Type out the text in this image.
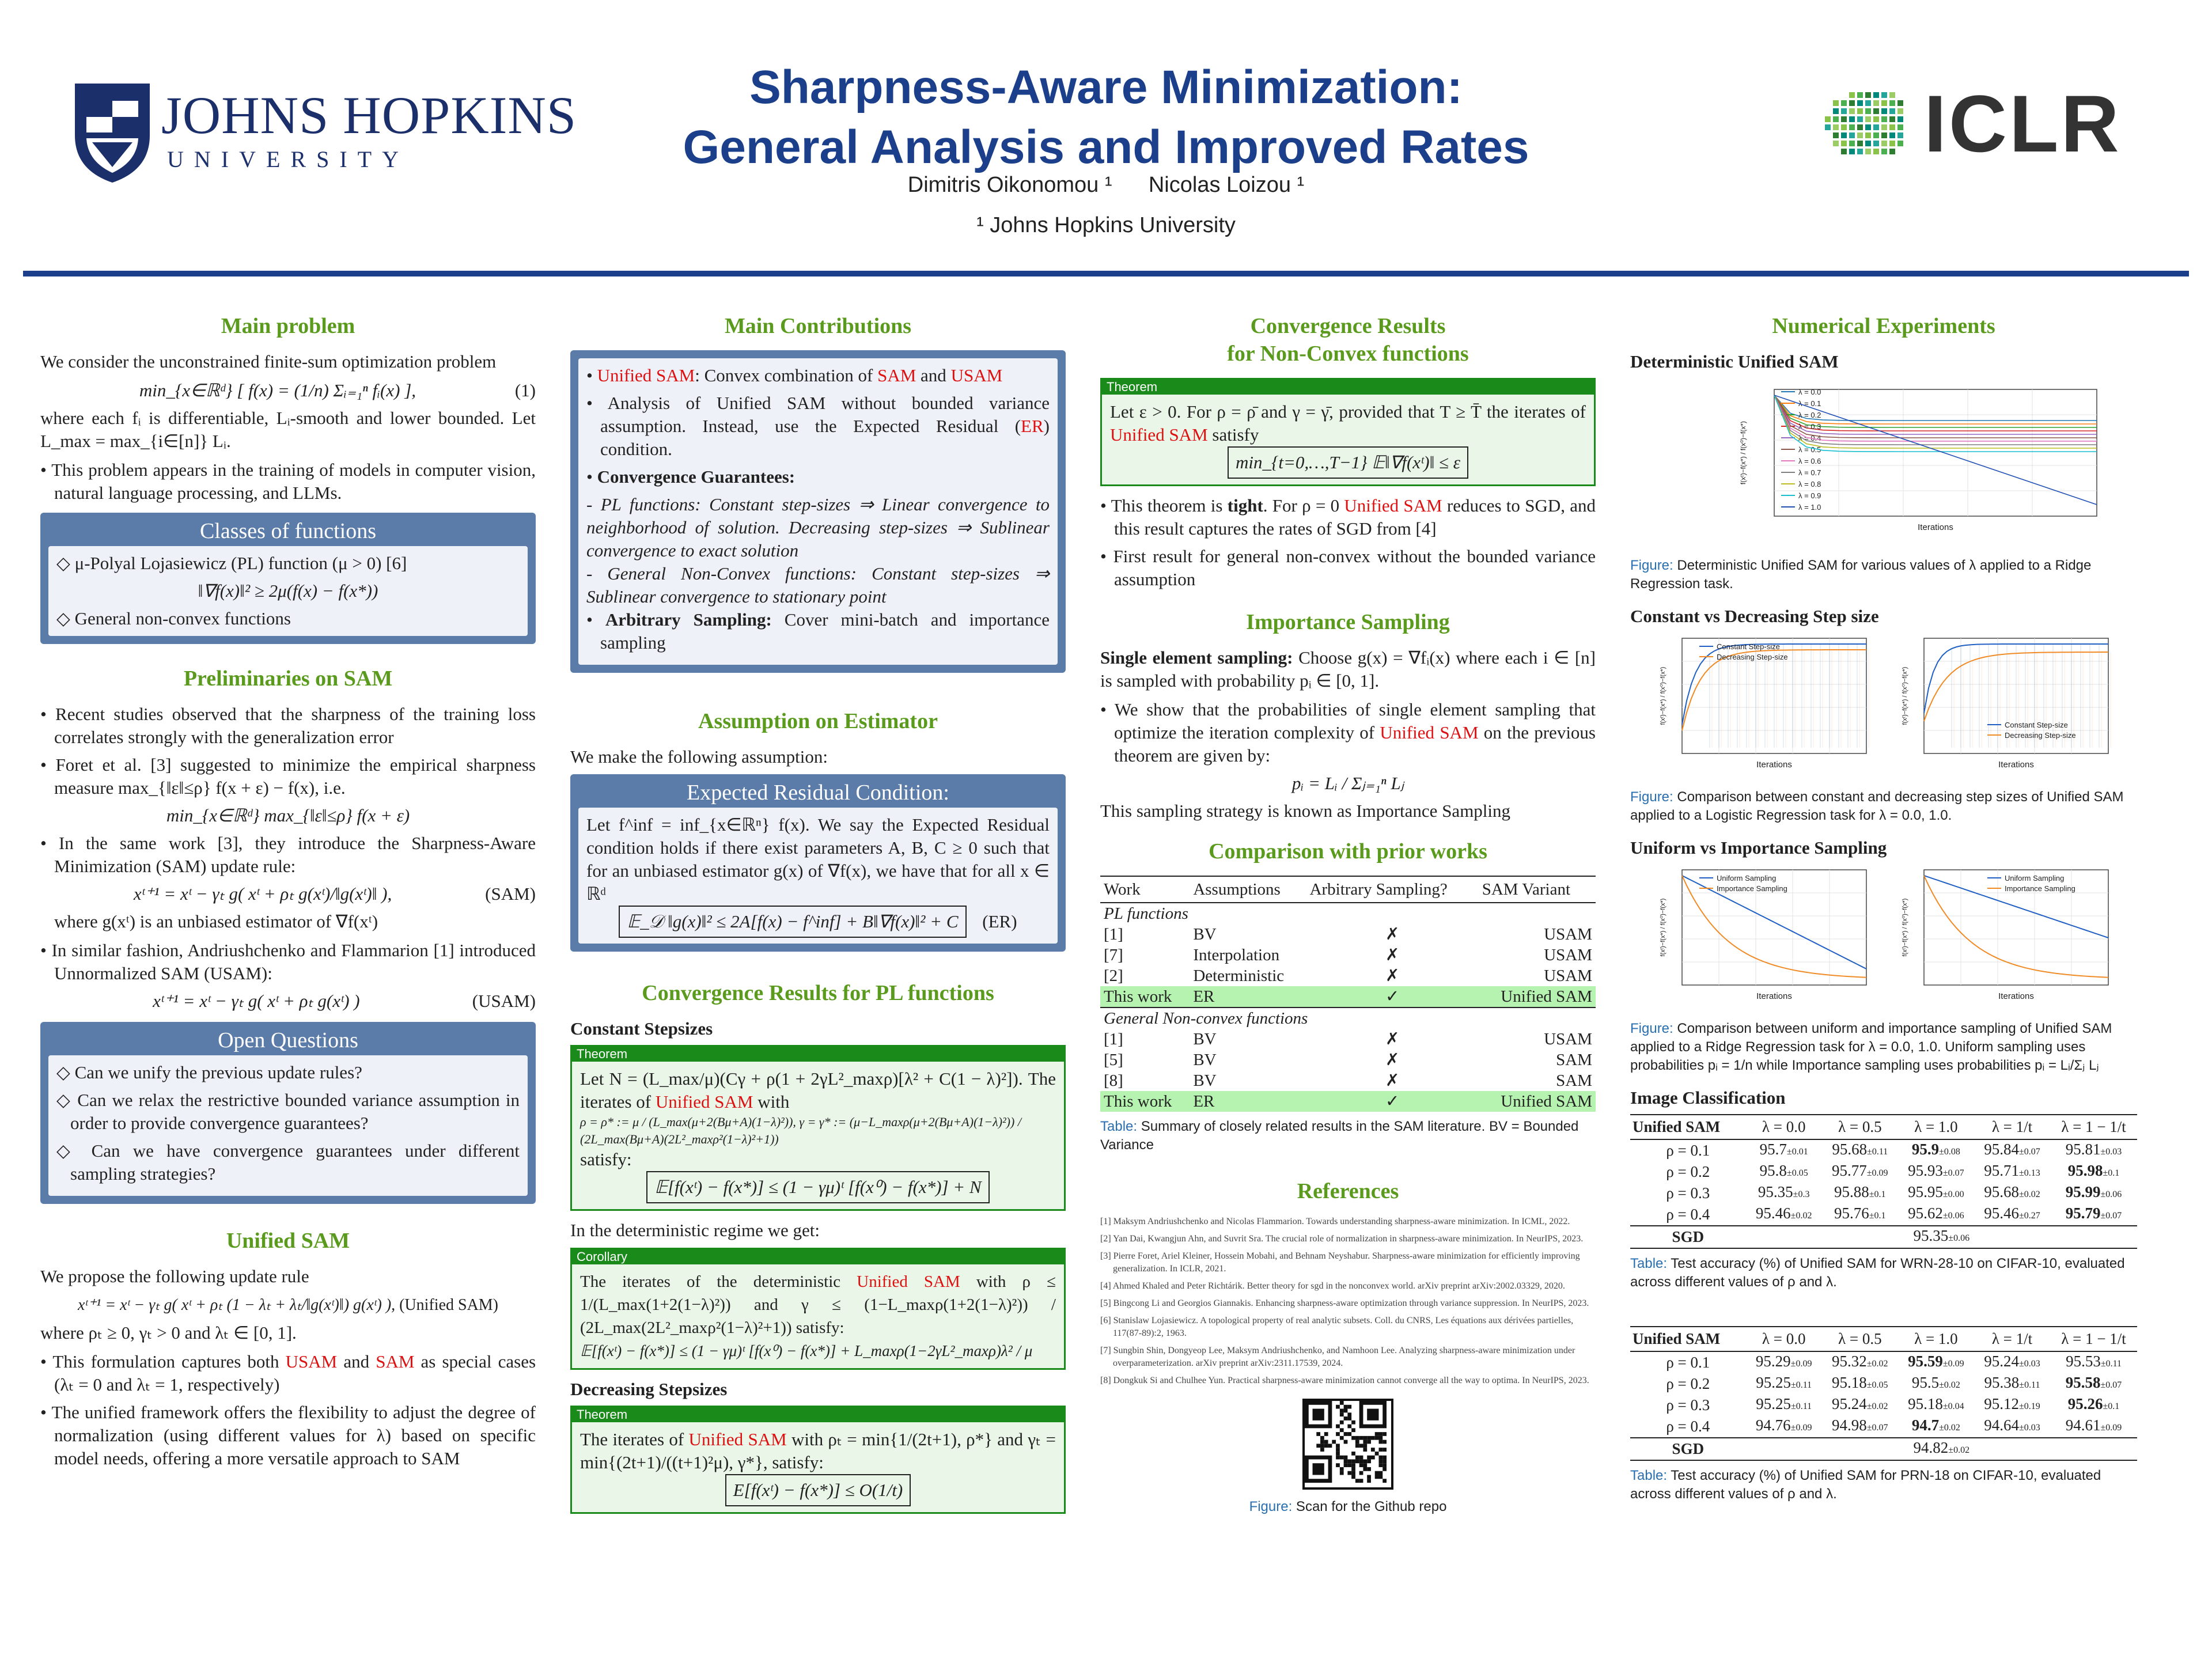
JOHNS HOPKINS
UNIVERSITY
Sharpness-Aware Minimization:
General Analysis and Improved Rates
Dimitris Oikonomou ¹      Nicolas Loizou ¹
¹ Johns Hopkins University
ICLR
Main problem

We consider the unconstrained finite-sum optimization problem

min_{x∈ℝᵈ} [ f(x) = (1/n) Σᵢ₌₁ⁿ fᵢ(x) ],	(1)

where each fᵢ is differentiable, Lᵢ-smooth and lower bounded. Let L_max = max_{i∈[n]} Lᵢ.

• This problem appears in the training of models in computer vision, natural language processing, and LLMs.

Classes of functions
◇ μ-Polyal Lojasiewicz (PL) function (μ > 0) [6]
‖∇f(x)‖² ≥ 2μ(f(x) − f(x*))
◇ General non-convex functions
Preliminaries on SAM

• Recent studies observed that the sharpness of the training loss correlates strongly with the generalization error

• Foret et al. [3] suggested to minimize the empirical sharpness measure max_{‖ε‖≤ρ} f(x + ε) − f(x), i.e.

min_{x∈ℝᵈ} max_{‖ε‖≤ρ} f(x + ε)

• In the same work [3], they introduce the Sharpness-Aware Minimization (SAM) update rule:

xᵗ⁺¹ = xᵗ − γₜ g( xᵗ + ρₜ g(xᵗ)/‖g(xᵗ)‖ ),	(SAM)

where g(xᵗ) is an unbiased estimator of ∇f(xᵗ)

• In similar fashion, Andriushchenko and Flammarion [1] introduced Unnormalized SAM (USAM):

xᵗ⁺¹ = xᵗ − γₜ g( xᵗ + ρₜ g(xᵗ) )	(USAM)
Open Questions
◇ Can we unify the previous update rules?
◇ Can we relax the restrictive bounded variance assumption in order to provide convergence guarantees?
◇ Can we have convergence guarantees under different sampling strategies?
Unified SAM

We propose the following update rule

xᵗ⁺¹ = xᵗ − γₜ g( xᵗ + ρₜ (1 − λₜ + λₜ/‖g(xᵗ)‖) g(xᵗ) ), (Unified SAM)

where ρₜ ≥ 0, γₜ > 0 and λₜ ∈ [0, 1].

• This formulation captures both USAM and SAM as special cases (λₜ = 0 and λₜ = 1, respectively)

• The unified framework offers the flexibility to adjust the degree of normalization (using different values for λ) based on specific model needs, offering a more versatile approach to SAM

Main Contributions
• Unified SAM: Convex combination of SAM and USAM
• Analysis of Unified SAM without bounded variance assumption. Instead, use the Expected Residual (ER) condition.
• Convergence Guarantees:
- PL functions: Constant step-sizes ⇒ Linear convergence to neighborhood of solution. Decreasing step-sizes ⇒ Sublinear convergence to exact solution
- General Non-Convex functions: Constant step-sizes ⇒ Sublinear convergence to stationary point
• Arbitrary Sampling: Cover mini-batch and importance sampling
Assumption on Estimator

We make the following assumption:

Expected Residual Condition:
Let f^inf = inf_{x∈ℝⁿ} f(x). We say the Expected Residual condition holds if there exist parameters A, B, C ≥ 0 such that for an unbiased estimator g(x) of ∇f(x), we have that for all x ∈ ℝᵈ
𝔼_𝒟 ‖g(x)‖² ≤ 2A[f(x) − f^inf] + B‖∇f(x)‖² + C (ER)
Convergence Results for PL functions
Constant Stepsizes
Theorem
Let N = (L_max/μ)(Cγ + ρ(1 + 2γL²_maxρ)[λ² + C(1 − λ)²]). The iterates of Unified SAM with
ρ = ρ* := μ / (L_max(μ+2(Bμ+A)(1−λ)²)), γ = γ* := (μ−L_maxρ(μ+2(Bμ+A)(1−λ)²)) / (2L_max(Bμ+A)(2L²_maxρ²(1−λ)²+1))
satisfy:
𝔼[f(xᵗ) − f(x*)] ≤ (1 − γμ)ᵗ [f(x⁰) − f(x*)] + N

In the deterministic regime we get:

Corollary
The iterates of the deterministic Unified SAM with ρ ≤ 1/(L_max(1+2(1−λ)²)) and γ ≤ (1−L_maxρ(1+2(1−λ)²)) / (2L_max(2L²_maxρ²(1−λ)²+1)) satisfy:
𝔼[f(xᵗ) − f(x*)] ≤ (1 − γμ)ᵗ [f(x⁰) − f(x*)] + L_maxρ(1−2γL²_maxρ)λ² / μ
Decreasing Stepsizes
Theorem
The iterates of Unified SAM with ρₜ = min{1/(2t+1), ρ*} and γₜ = min{(2t+1)/((t+1)²μ), γ*}, satisfy:
E[f(xᵗ) − f(x*)] ≤ O(1/t)
Convergence Results
for Non-Convex functions
Theorem
Let ε > 0. For ρ = ρ̄ and γ = γ̄, provided that T ≥ T̄ the iterates of Unified SAM satisfy
min_{t=0,…,T−1} 𝔼‖∇f(xᵗ)‖ ≤ ε

• This theorem is tight. For ρ = 0 Unified SAM reduces to SGD, and this result captures the rates of SGD from [4]

• First result for general non-convex without the bounded variance assumption

Importance Sampling

Single element sampling: Choose g(x) = ∇fᵢ(x) where each i ∈ [n] is sampled with probability pᵢ ∈ [0, 1].

• We show that the probabilities of single element sampling that optimize the iteration complexity of Unified SAM on the previous theorem are given by:

pᵢ = Lᵢ / Σⱼ₌₁ⁿ Lⱼ

This sampling strategy is known as Importance Sampling

Comparison with prior works
Work	Assumptions	Arbitrary Sampling?	SAM Variant
PL functions			
[1]	BV	✗	USAM
[7]	Interpolation	✗	USAM
[2]	Deterministic	✗	USAM
This work	ER	✓	Unified SAM
General Non-convex functions			
[1]	BV	✗	USAM
[5]	BV	✗	SAM
[8]	BV	✗	SAM
This work	ER	✓	Unified SAM
Table: Summary of closely related results in the SAM literature. BV = Bounded Variance
References
[1] Maksym Andriushchenko and Nicolas Flammarion. Towards understanding sharpness-aware minimization. In ICML, 2022.
[2] Yan Dai, Kwangjun Ahn, and Suvrit Sra. The crucial role of normalization in sharpness-aware minimization. In NeurIPS, 2023.
[3] Pierre Foret, Ariel Kleiner, Hossein Mobahi, and Behnam Neyshabur. Sharpness-aware minimization for efficiently improving generalization. In ICLR, 2021.
[4] Ahmed Khaled and Peter Richtárik. Better theory for sgd in the nonconvex world. arXiv preprint arXiv:2002.03329, 2020.
[5] Bingcong Li and Georgios Giannakis. Enhancing sharpness-aware optimization through variance suppression. In NeurIPS, 2023.
[6] Stanislaw Lojasiewicz. A topological property of real analytic subsets. Coll. du CNRS, Les équations aux dérivées partielles, 117(87-89):2, 1963.
[7] Sungbin Shin, Dongyeop Lee, Maksym Andriushchenko, and Namhoon Lee. Analyzing sharpness-aware minimization under overparameterization. arXiv preprint arXiv:2311.17539, 2024.
[8] Dongkuk Si and Chulhee Yun. Practical sharpness-aware minimization cannot converge all the way to optima. In NeurIPS, 2023.
Figure: Scan for the Github repo
Numerical Experiments
Deterministic Unified SAM
Iterations
f(xᵗ)−f(x*) / f(x⁰)−f(x*)
λ = 0.0
λ = 0.1
λ = 0.2
λ = 0.3
λ = 0.4
λ = 0.5
λ = 0.6
λ = 0.7
λ = 0.8
λ = 0.9
λ = 1.0
Figure: Deterministic Unified SAM for various values of λ applied to a Ridge Regression task.
Constant vs Decreasing Step size
Iterations
f(xᵗ)−f(x*) / f(x⁰)−f(x*)
Constant Step-size
Decreasing Step-size
Iterations
f(xᵗ)−f(x*) / f(x⁰)−f(x*)
Constant Step-size
Decreasing Step-size
Figure: Comparison between constant and decreasing step sizes of Unified SAM applied to a Logistic Regression task for λ = 0.0, 1.0.
Uniform vs Importance Sampling
Iterations
f(xᵗ)−f(x*) / f(x⁰)−f(x*)
Uniform Sampling
Importance Sampling
Iterations
f(xᵗ)−f(x*) / f(x⁰)−f(x*)
Uniform Sampling
Importance Sampling
Figure: Comparison between uniform and importance sampling of Unified SAM applied to a Ridge Regression task for λ = 0.0, 1.0. Uniform sampling uses probabilities pᵢ = 1/n while Importance sampling uses probabilities pᵢ = Lᵢ/Σⱼ Lⱼ
Image Classification
Unified SAM	λ = 0.0	λ = 0.5	λ = 1.0	λ = 1/t	λ = 1 − 1/t
ρ = 0.1	95.7±0.01	95.68±0.11	95.9±0.08	95.84±0.07	95.81±0.03
ρ = 0.2	95.8±0.05	95.77±0.09	95.93±0.07	95.71±0.13	95.98±0.1
ρ = 0.3	95.35±0.3	95.88±0.1	95.95±0.00	95.68±0.02	95.99±0.06
ρ = 0.4	95.46±0.02	95.76±0.1	95.62±0.06	95.46±0.27	95.79±0.07
SGD	95.35±0.06				
Table: Test accuracy (%) of Unified SAM for WRN-28-10 on CIFAR-10, evaluated across different values of ρ and λ.
Unified SAM	λ = 0.0	λ = 0.5	λ = 1.0	λ = 1/t	λ = 1 − 1/t
ρ = 0.1	95.29±0.09	95.32±0.02	95.59±0.09	95.24±0.03	95.53±0.11
ρ = 0.2	95.25±0.11	95.18±0.05	95.5±0.02	95.38±0.11	95.58±0.07
ρ = 0.3	95.25±0.11	95.24±0.02	95.18±0.04	95.12±0.19	95.26±0.1
ρ = 0.4	94.76±0.09	94.98±0.07	94.7±0.02	94.64±0.03	94.61±0.09
SGD	94.82±0.02				
Table: Test accuracy (%) of Unified SAM for PRN-18 on CIFAR-10, evaluated across different values of ρ and λ.
